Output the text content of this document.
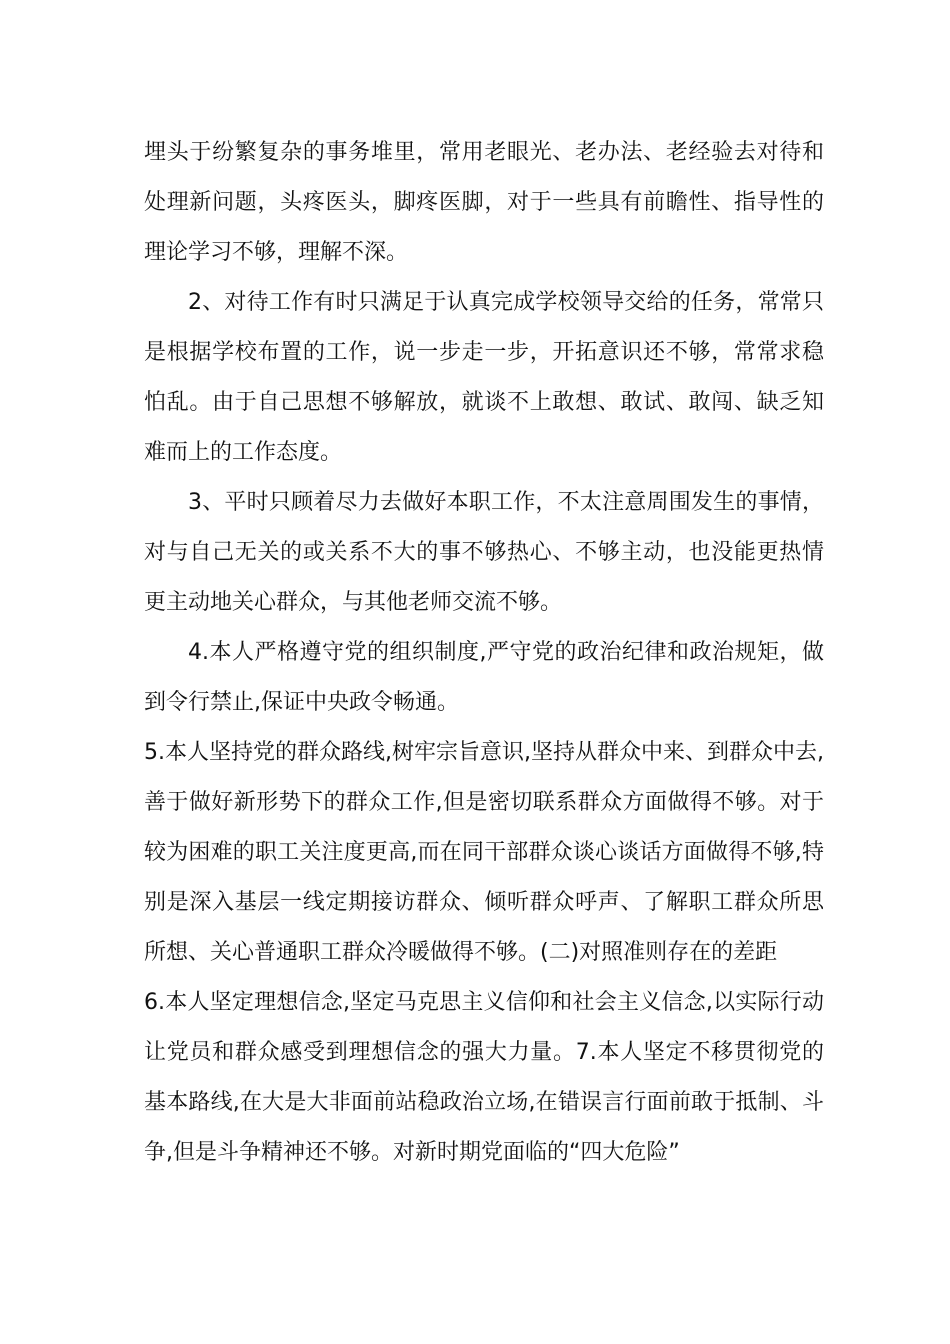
埋头于纷繁复杂的事务堆里，常用老眼光、老办法、老经验去对待和处理新问题，头疼医头，脚疼医脚，对于一些具有前瞻性、指导性的理论学习不够，理解不深。

2、对待工作有时只满足于认真完成学校领导交给的任务，常常只是根据学校布置的工作，说一步走一步，开拓意识还不够，常常求稳怕乱。由于自己思想不够解放，就谈不上敢想、敢试、敢闯、缺乏知难而上的工作态度。

3、平时只顾着尽力去做好本职工作，不太注意周围发生的事情，对与自己无关的或关系不大的事不够热心、不够主动，也没能更热情更主动地关心群众，与其他老师交流不够。

4.本人严格遵守党的组织制度,严守党的政治纪律和政治规矩，做到令行禁止,保证中央政令畅通。

5.本人坚持党的群众路线,树牢宗旨意识,坚持从群众中来、到群众中去,善于做好新形势下的群众工作,但是密切联系群众方面做得不够。对于较为困难的职工关注度更高,而在同干部群众谈心谈话方面做得不够,特别是深入基层一线定期接访群众、倾听群众呼声、了解职工群众所思所想、关心普通职工群众冷暖做得不够。(二)对照准则存在的差距

6.本人坚定理想信念,坚定马克思主义信仰和社会主义信念,以实际行动让党员和群众感受到理想信念的强大力量。7.本人坚定不移贯彻党的基本路线,在大是大非面前站稳政治立场,在错误言行面前敢于抵制、斗争,但是斗争精神还不够。对新时期党面临的“四大危险”
